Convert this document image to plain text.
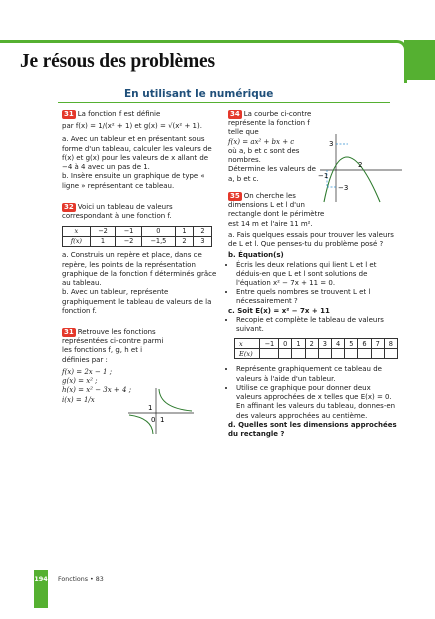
Je résous des problèmes
En utilisant le numérique

31 La fonction f est définie

par f(x) = 1/(x² + 1) et g(x) = √(x² + 1).

a. Avec un tableur et en présentant sous forme d'un tableau, calculer les valeurs de f(x) et g(x) pour les valeurs de x allant de −4 à 4 avec un pas de 1.

b. Insère ensuite un graphique de type « ligne » représentant ce tableau.

32 Voici un tableau de valeurs correspondant à une fonction f.

x	−2	−1	0	1	2
f(x)	1	−2	−1,5	2	3

a. Construis un repère et place, dans ce repère, les points de la représentation graphique de la fonction f déterminés grâce au tableau.

b. Avec un tableur, représente graphiquement le tableau de valeurs de la fonction f.

31 Retrouve les fonctions représentées ci-contre parmi les fonctions f, g, h et i définies par :

f(x) = 2x − 1 ;

g(x) = x² ;

h(x) = x² − 3x + 4 ;

i(x) = 1/x

1
0 1

34 La courbe ci-contre représente la fonction f telle que

f(x) = ax² + bx + c

où a, b et c sont des nombres.

Détermine les valeurs de a, b et c.

35 On cherche les dimensions L et l d'un rectangle dont le périmètre est 14 m et l'aire 11 m².

a. Fais quelques essais pour trouver les valeurs de L et l. Que penses-tu du problème posé ?

b. Équation(s)

• Écris les deux relations qui lient L et l et déduis-en que L et l sont solutions de l'équation x² − 7x + 11 = 0.
• Entre quels nombres se trouvent L et l nécessairement ?

c. Soit E(x) = x² − 7x + 11

• Recopie et complète le tableau de valeurs suivant.
x	−1	0	1	2	3	4	5	6	7	8
E(x)										
• Représente graphiquement ce tableau de valeurs à l'aide d'un tableur.
• Utilise ce graphique pour donner deux valeurs approchées de x telles que E(x) = 0.

En affinant les valeurs du tableau, donnes-en des valeurs approchées au centième.

d. Quelles sont les dimensions approchées du rectangle ?

3
2
−1
−3
194 Fonctions • 83
